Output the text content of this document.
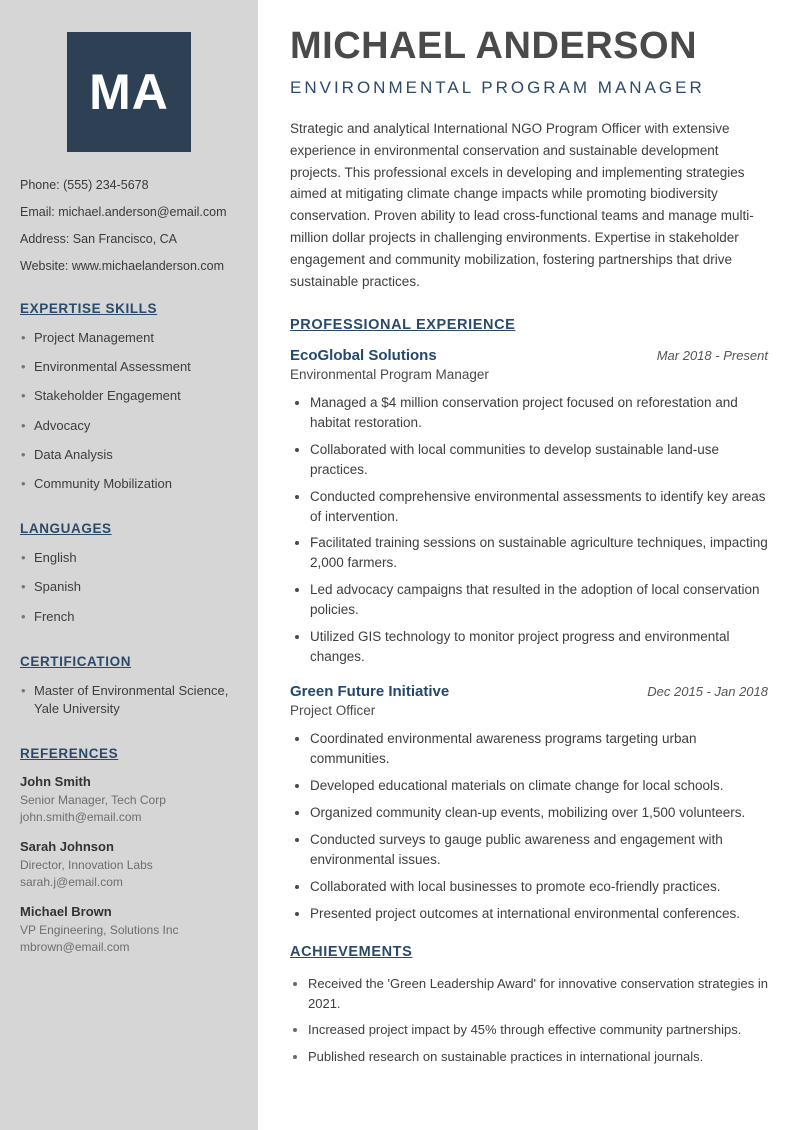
MA

Phone: (555) 234-5678

Email: michael.anderson@email.com

Address: San Francisco, CA

Website: www.michaelanderson.com

EXPERTISE SKILLS
• Project Management
• Environmental Assessment
• Stakeholder Engagement
• Advocacy
• Data Analysis
• Community Mobilization
LANGUAGES
• English
• Spanish
• French
CERTIFICATION
• Master of Environmental Science, Yale University
REFERENCES

John Smith

Senior Manager, Tech Corp

john.smith@email.com

Sarah Johnson

Director, Innovation Labs

sarah.j@email.com

Michael Brown

VP Engineering, Solutions Inc

mbrown@email.com

MICHAEL ANDERSON
ENVIRONMENTAL PROGRAM MANAGER

Strategic and analytical International NGO Program Officer with extensive experience in environmental conservation and sustainable development projects. This professional excels in developing and implementing strategies aimed at mitigating climate change impacts while promoting biodiversity conservation. Proven ability to lead cross-functional teams and manage multi-million dollar projects in challenging environments. Expertise in stakeholder engagement and community mobilization, fostering partnerships that drive sustainable practices.

PROFESSIONAL EXPERIENCE
EcoGlobal Solutions	Mar 2018 - Present

Environmental Program Manager

• Managed a $4 million conservation project focused on reforestation and habitat restoration.
• Collaborated with local communities to develop sustainable land-use practices.
• Conducted comprehensive environmental assessments to identify key areas of intervention.
• Facilitated training sessions on sustainable agriculture techniques, impacting 2,000 farmers.
• Led advocacy campaigns that resulted in the adoption of local conservation policies.
• Utilized GIS technology to monitor project progress and environmental changes.
Green Future Initiative	Dec 2015 - Jan 2018

Project Officer

• Coordinated environmental awareness programs targeting urban communities.
• Developed educational materials on climate change for local schools.
• Organized community clean-up events, mobilizing over 1,500 volunteers.
• Conducted surveys to gauge public awareness and engagement with environmental issues.
• Collaborated with local businesses to promote eco-friendly practices.
• Presented project outcomes at international environmental conferences.
ACHIEVEMENTS
• Received the 'Green Leadership Award' for innovative conservation strategies in 2021.
• Increased project impact by 45% through effective community partnerships.
• Published research on sustainable practices in international journals.
